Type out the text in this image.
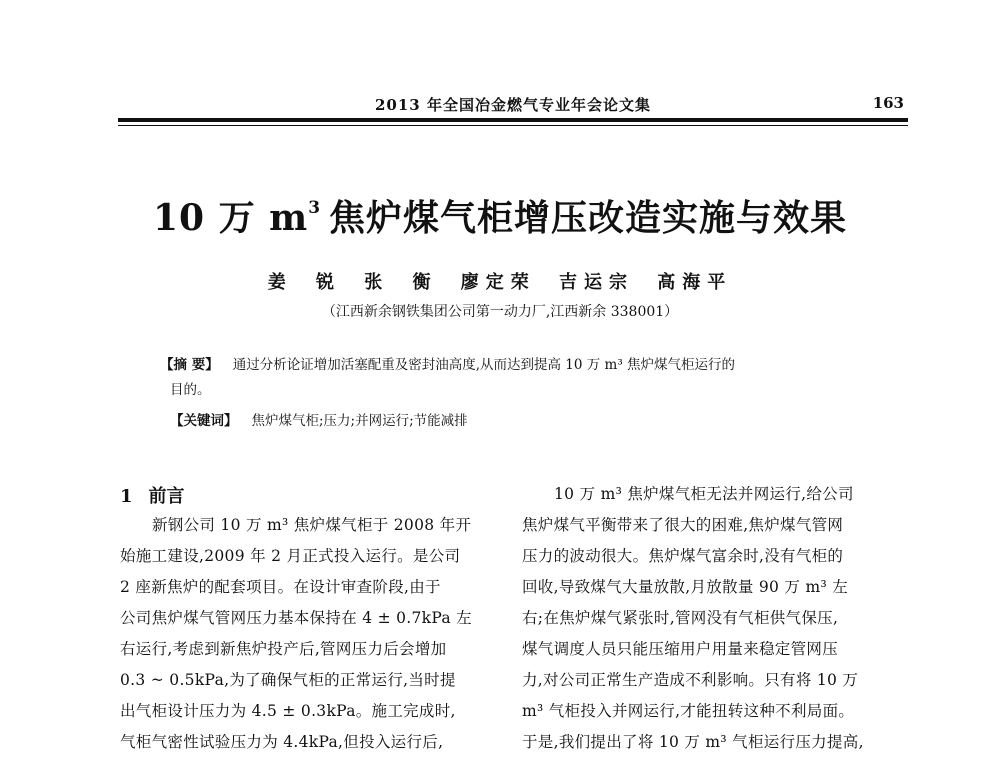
2013 年全国冶金燃气专业年会论文集	163
10 万 $m^3$ 焦炉煤气柜增压改造实施与效果
姜 锐 张 衡 廖定荣 吉运宗 高海平
（江西新余钢铁集团公司第一动力厂,江西新余 338001）
【摘 要】 通过分析论证增加活塞配重及密封油高度,从而达到提高 10 万 m³ 焦炉煤气柜运行的
目的。
【关键词】 焦炉煤气柜;压力;并网运行;节能减排
1 前言
新钢公司 10 万 m³ 焦炉煤气柜于 2008 年开
始施工建设,2009 年 2 月正式投入运行。是公司
2 座新焦炉的配套项目。在设计审查阶段,由于
公司焦炉煤气管网压力基本保持在 4 ± 0.7kPa 左
右运行,考虑到新焦炉投产后,管网压力后会增加
0.3 ~ 0.5kPa,为了确保气柜的正常运行,当时提
出气柜设计压力为 4.5 ± 0.3kPa。施工完成时,
气柜气密性试验压力为 4.4kPa,但投入运行后,
10 万 m³ 焦炉煤气柜无法并网运行,给公司
焦炉煤气平衡带来了很大的困难,焦炉煤气管网
压力的波动很大。焦炉煤气富余时,没有气柜的
回收,导致煤气大量放散,月放散量 90 万 m³ 左
右;在焦炉煤气紧张时,管网没有气柜供气保压,
煤气调度人员只能压缩用户用量来稳定管网压
力,对公司正常生产造成不利影响。只有将 10 万
m³ 气柜投入并网运行,才能扭转这种不利局面。
于是,我们提出了将 10 万 m³ 气柜运行压力提高,
